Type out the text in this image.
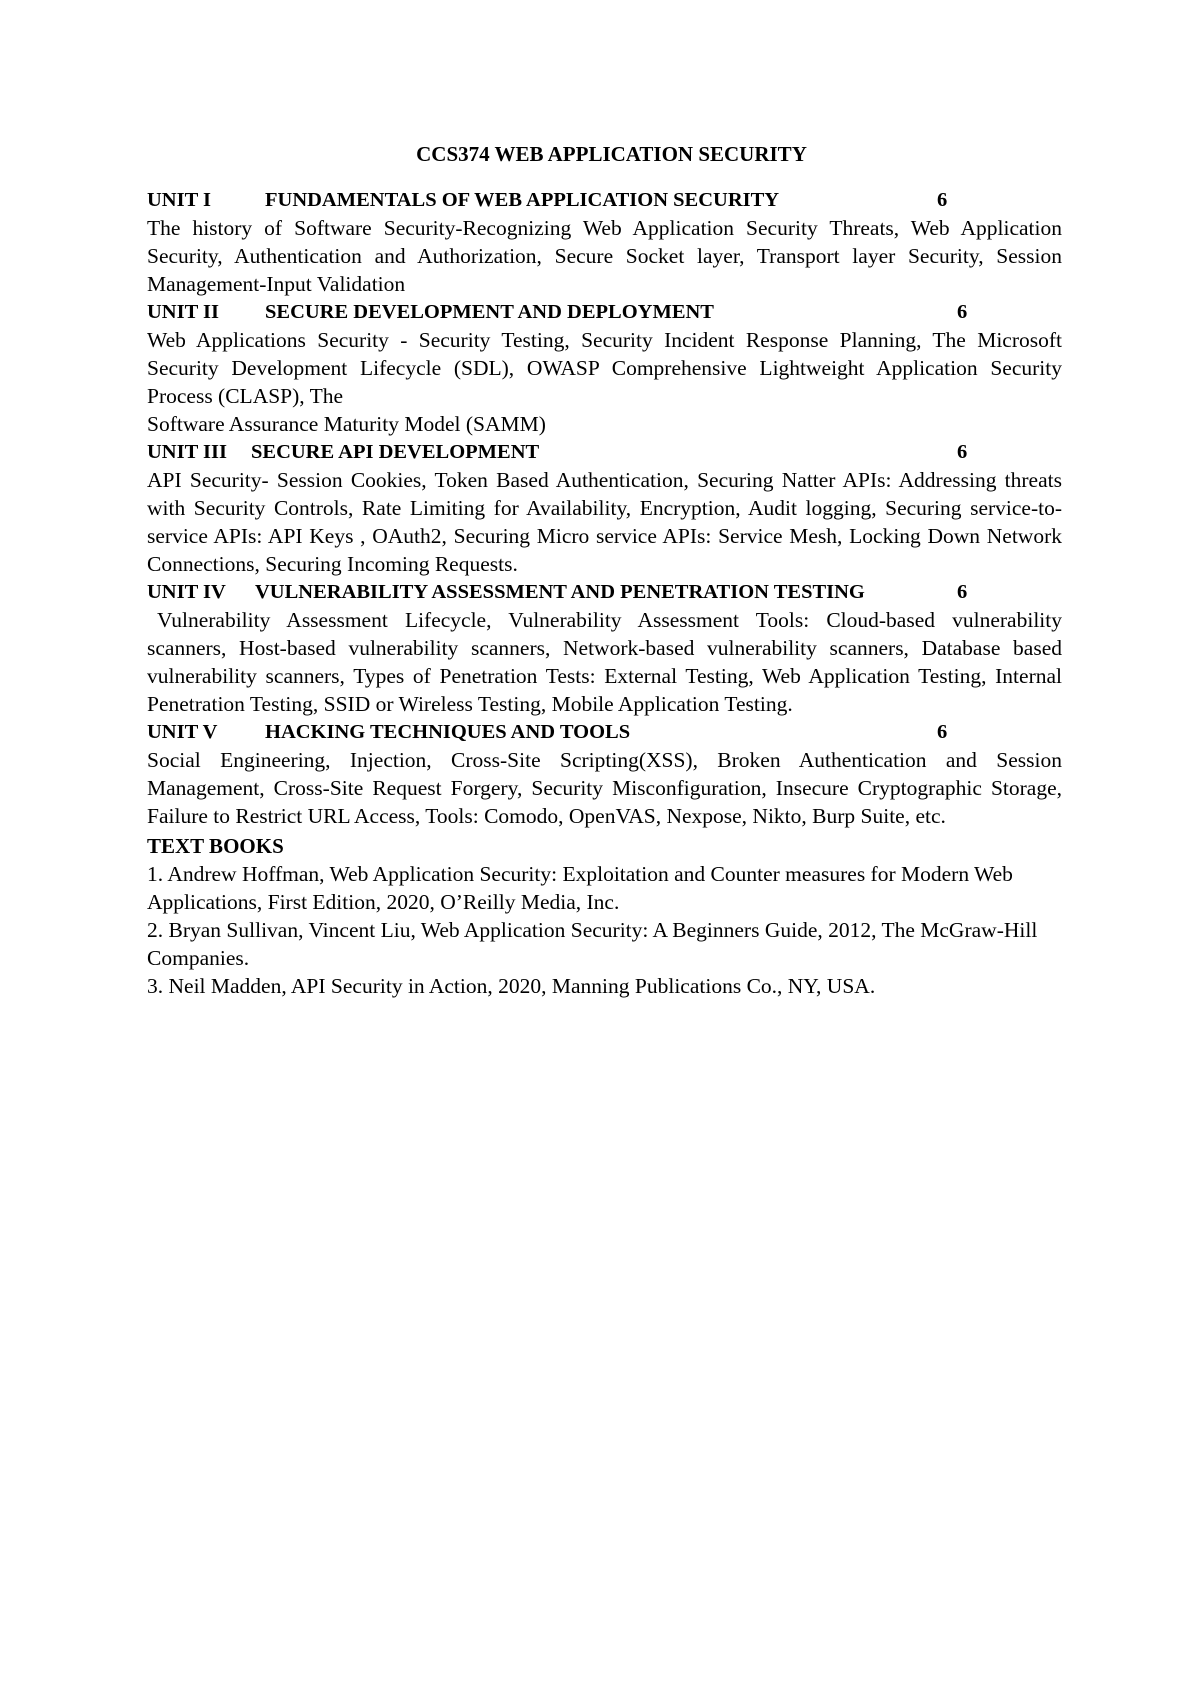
CCS374 WEB APPLICATION SECURITY
UNIT I	FUNDAMENTALS OF WEB APPLICATION SECURITY	6

The history of Software Security-Recognizing Web Application Security Threats, Web Application Security, Authentication and Authorization, Secure Socket layer, Transport layer Security, Session Management-Input Validation

UNIT II SECURE DEVELOPMENT AND DEPLOYMENT	6

Web Applications Security - Security Testing, Security Incident Response Planning, The Microsoft Security Development Lifecycle (SDL), OWASP Comprehensive Lightweight Application Security Process (CLASP), The

Software Assurance Maturity Model (SAMM)

UNIT III SECURE API DEVELOPMENT	6

API Security- Session Cookies, Token Based Authentication, Securing Natter APIs: Addressing threats with Security Controls, Rate Limiting for Availability, Encryption, Audit logging, Securing service-to-service APIs: API Keys , OAuth2, Securing Micro service APIs: Service Mesh, Locking Down Network Connections, Securing Incoming Requests.

UNIT IV VULNERABILITY ASSESSMENT AND PENETRATION TESTING	6

Vulnerability Assessment Lifecycle, Vulnerability Assessment Tools: Cloud-based vulnerability scanners, Host-based vulnerability scanners, Network-based vulnerability scanners, Database based vulnerability scanners, Types of Penetration Tests: External Testing, Web Application Testing, Internal Penetration Testing, SSID or Wireless Testing, Mobile Application Testing.

UNIT V HACKING TECHNIQUES AND TOOLS	6

Social Engineering, Injection, Cross-Site Scripting(XSS), Broken Authentication and Session Management, Cross-Site Request Forgery, Security Misconfiguration, Insecure Cryptographic Storage, Failure to Restrict URL Access, Tools: Comodo, OpenVAS, Nexpose, Nikto, Burp Suite, etc.

TEXT BOOKS

1. Andrew Hoffman, Web Application Security: Exploitation and Counter measures for Modern Web Applications, First Edition, 2020, O’Reilly Media, Inc.

2. Bryan Sullivan, Vincent Liu, Web Application Security: A Beginners Guide, 2012, The McGraw-Hill Companies.

3. Neil Madden, API Security in Action, 2020, Manning Publications Co., NY, USA.
